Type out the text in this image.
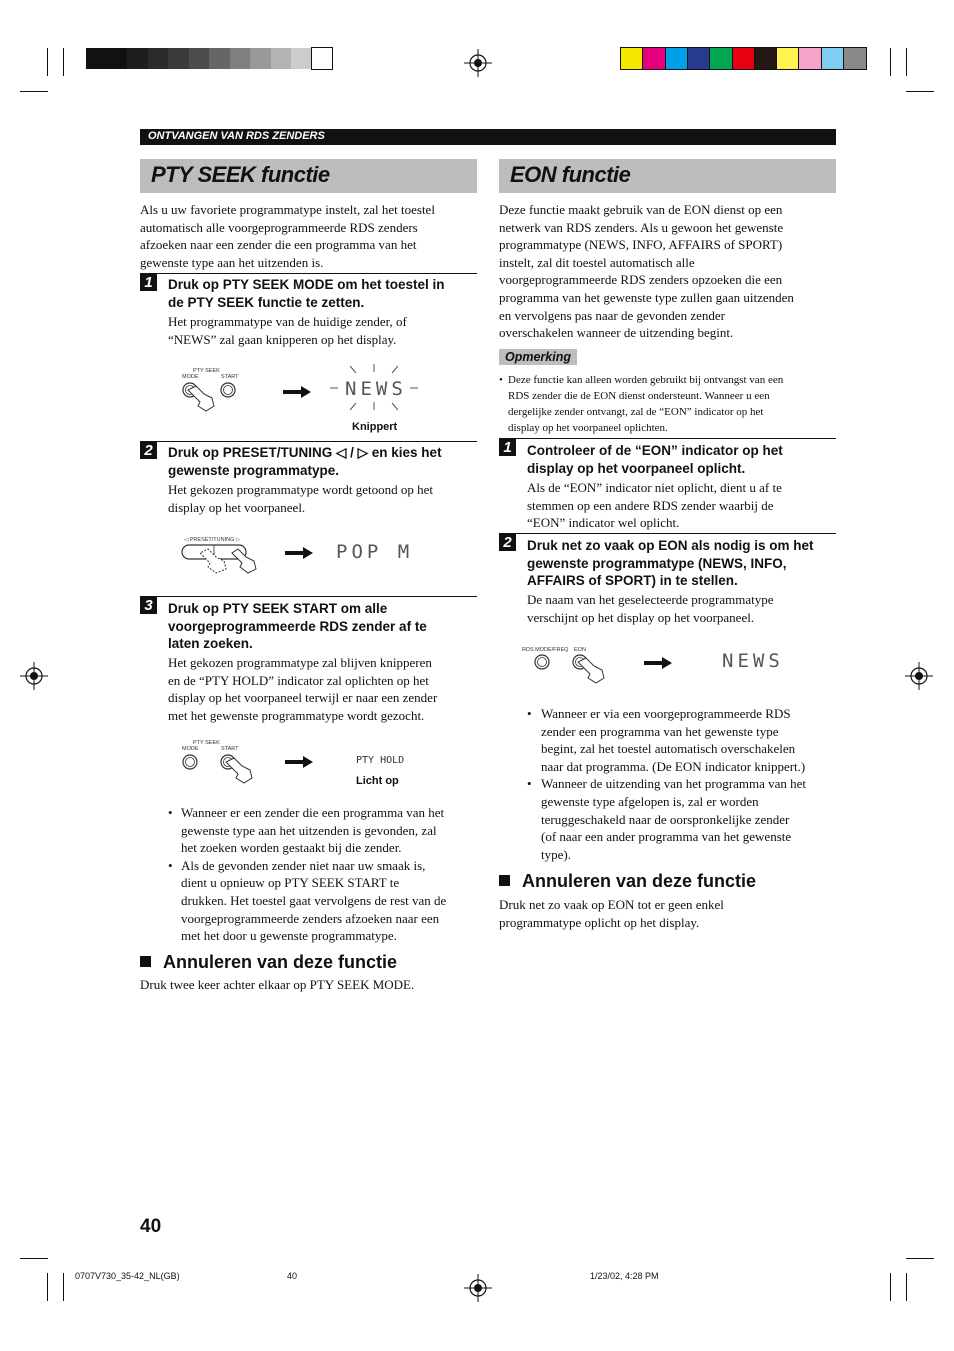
ONTVANGEN VAN RDS ZENDERS
PTY SEEK functie
Als u uw favoriete programmatype instelt, zal het toestel
automatisch alle voorgeprogrammeerde RDS zenders
afzoeken naar een zender die een programma van het
gewenste type aan het uitzenden is.
1	Druk op PTY SEEK MODE om het toestel in
de PTY SEEK functie te zetten.
Het programmatype van de huidige zender, of
“NEWS” zal gaan knipperen op het display.
PTY SEEK
MODE	START
NEWS
Knippert
2	Druk op PRESET/TUNING ◁ / ▷ en kies het
gewenste programmatype.
Het gekozen programmatype wordt getoond op het
display op het voorpaneel.
◁ PRESET/TUNING ▷
POP M
3	Druk op PTY SEEK START om alle
voorgeprogrammeerde RDS zender af te
laten zoeken.
Het gekozen programmatype zal blijven knipperen
en de “PTY HOLD” indicator zal oplichten op het
display op het voorpaneel terwijl er naar een zender
met het gewenste programmatype wordt gezocht.
PTY SEEK
MODE	START
PTY HOLD
Licht op
• Wanneer er een zender die een programma van het
gewenste type aan het uitzenden is gevonden, zal
het zoeken worden gestaakt bij die zender.
• Als de gevonden zender niet naar uw smaak is,
dient u opnieuw op PTY SEEK START te
drukken. Het toestel gaat vervolgens de rest van de
voorgeprogrammeerde zenders afzoeken naar een
met het door u gewenste programmatype.
Annuleren van deze functie
Druk twee keer achter elkaar op PTY SEEK MODE.
EON functie
Deze functie maakt gebruik van de EON dienst op een
netwerk van RDS zenders. Als u gewoon het gewenste
programmatype (NEWS, INFO, AFFAIRS of SPORT)
instelt, zal dit toestel automatisch alle
voorgeprogrammeerde RDS zenders opzoeken die een
programma van het gewenste type zullen gaan uitzenden
en vervolgens pas naar de gevonden zender
overschakelen wanneer de uitzending begint.
Opmerking
• Deze functie kan alleen worden gebruikt bij ontvangst van een
RDS zender die de EON dienst ondersteunt. Wanneer u een
dergelijke zender ontvangt, zal de “EON” indicator op het
display op het voorpaneel oplichten.
1	Controleer of de “EON” indicator op het
display op het voorpaneel oplicht.
Als de “EON” indicator niet oplicht, dient u af te
stemmen op een andere RDS zender waarbij de
“EON” indicator wel oplicht.
2	Druk net zo vaak op EON als nodig is om het
gewenste programmatype (NEWS, INFO,
AFFAIRS of SPORT) in te stellen.
De naam van het geselecteerde programmatype
verschijnt op het display op het voorpaneel.
RDS MODE/FREQ EON	NEWS
• Wanneer er via een voorgeprogrammeerde RDS
zender een programma van het gewenste type
begint, zal het toestel automatisch overschakelen
naar dat programma. (De EON indicator knippert.)
• Wanneer de uitzending van het programma van het
gewenste type afgelopen is, zal er worden
teruggeschakeld naar de oorspronkelijke zender
(of naar een ander programma van het gewenste
type).
Annuleren van deze functie
Druk net zo vaak op EON tot er geen enkel
programmatype oplicht op het display.
40
0707V730_35-42_NL(GB)	40	1/23/02, 4:28 PM
